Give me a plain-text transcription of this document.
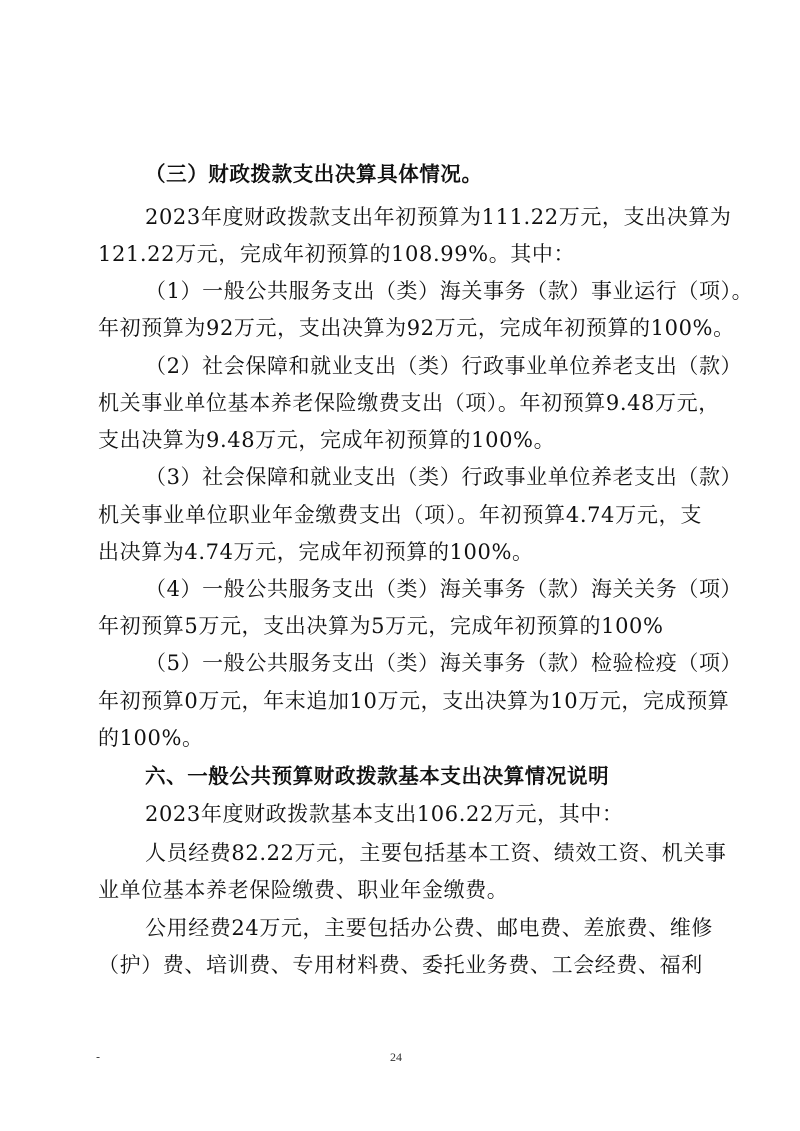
（三）财政拨款支出决算具体情况。
2023年度财政拨款支出年初预算为111.22万元，支出决算为
121.22万元，完成年初预算的108.99%。其中：
（1）一般公共服务支出（类）海关事务（款）事业运行（项）。
年初预算为92万元，支出决算为92万元，完成年初预算的100%。
（2）社会保障和就业支出（类）行政事业单位养老支出（款）
机关事业单位基本养老保险缴费支出（项）。年初预算9.48万元，
支出决算为9.48万元，完成年初预算的100%。
（3）社会保障和就业支出（类）行政事业单位养老支出（款）
机关事业单位职业年金缴费支出（项）。年初预算4.74万元，支
出决算为4.74万元，完成年初预算的100%。
（4）一般公共服务支出（类）海关事务（款）海关关务（项）
年初预算5万元，支出决算为5万元，完成年初预算的100%
（5）一般公共服务支出（类）海关事务（款）检验检疫（项）
年初预算0万元，年末追加10万元，支出决算为10万元，完成预算
的100%。
六、一般公共预算财政拨款基本支出决算情况说明
2023年度财政拨款基本支出106.22万元，其中：
人员经费82.22万元，主要包括基本工资、绩效工资、机关事
业单位基本养老保险缴费、职业年金缴费。
公用经费24万元，主要包括办公费、邮电费、差旅费、维修
（护）费、培训费、专用材料费、委托业务费、工会经费、福利
-	24
